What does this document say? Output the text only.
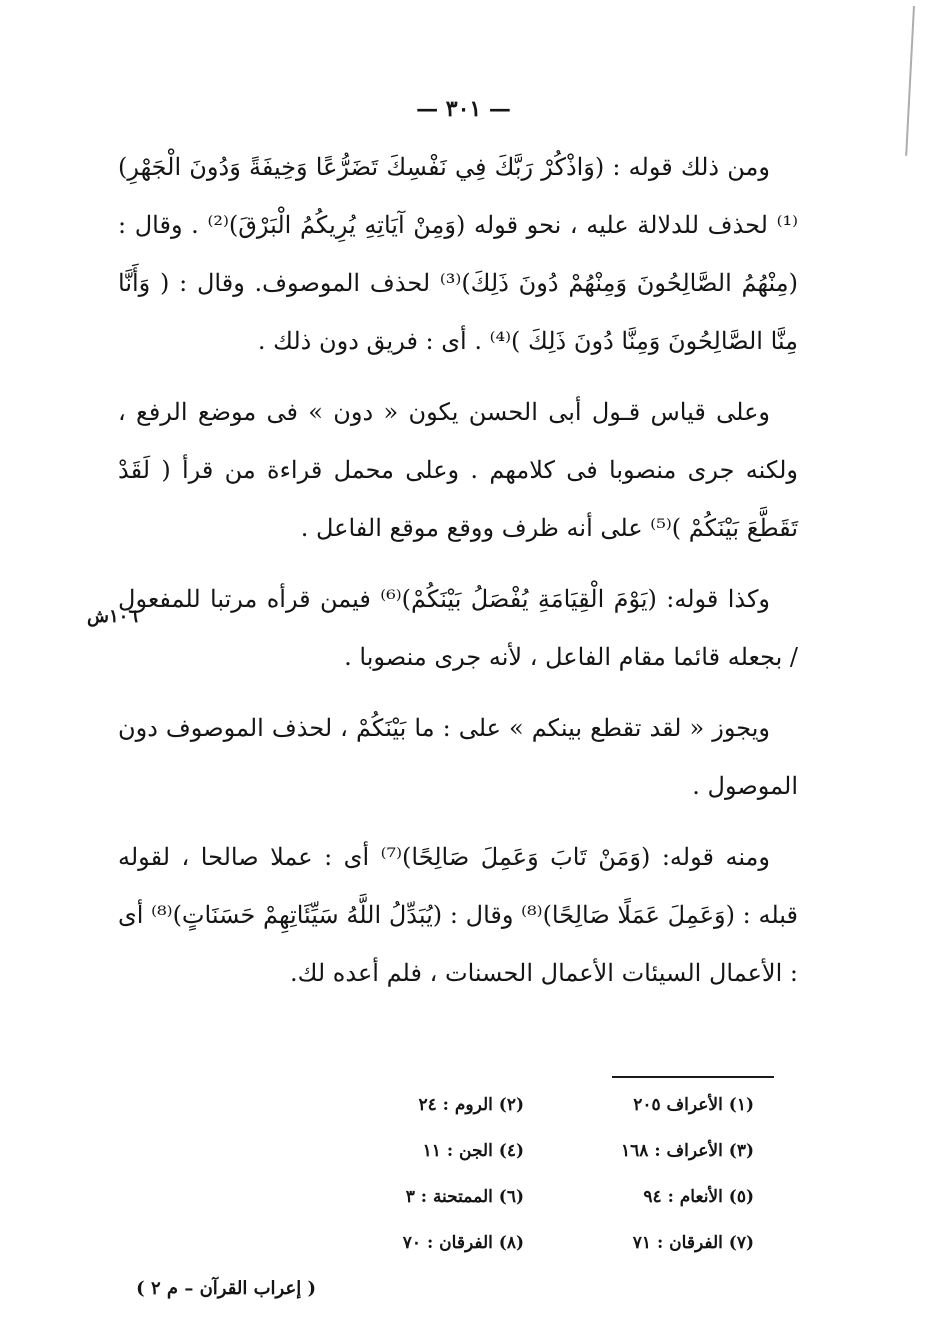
— ٣٠١ —

ومن ذلك قوله : (وَاذْكُرْ رَبَّكَ فِي نَفْسِكَ تَضَرُّعًا وَخِيفَةً وَدُونَ الْجَهْرِ)⁽¹⁾ لحذف للدلالة عليه ، نحو قوله (وَمِنْ آيَاتِهِ يُرِيكُمُ الْبَرْقَ)⁽²⁾ . وقال : (مِنْهُمُ الصَّالِحُونَ وَمِنْهُمْ دُونَ ذَلِكَ)⁽³⁾ لحذف الموصوف. وقال : ( وَأَنَّا مِنَّا الصَّالِحُونَ وَمِنَّا دُونَ ذَلِكَ )⁽⁴⁾ . أى : فريق دون ذلك .

وعلى قياس قـول أبى الحسن يكون « دون » فى موضع الرفع ، ولكنه جرى منصوبا فى كلامهم . وعلى محمل قراءة من قرأ ( لَقَدْ تَقَطَّعَ بَيْنَكُمْ )⁽⁵⁾ على أنه ظرف ووقع موقع الفاعل .

وكذا قوله: (يَوْمَ الْقِيَامَةِ يُفْصَلُ بَيْنَكُمْ)⁽⁶⁾ فيمن قرأه مرتبا للمفعول / بجعله قائما مقام الفاعل ، لأنه جرى منصوبا .

ويجوز « لقد تقطع بينكم » على : ما بَيْنَكُمْ ، لحذف الموصوف دون الموصول .

ومنه قوله: (وَمَنْ تَابَ وَعَمِلَ صَالِحًا)⁽⁷⁾ أى : عملا صالحا ، لقوله قبله : (وَعَمِلَ عَمَلًا صَالِحًا)⁽⁸⁾ وقال : (يُبَدِّلُ اللَّهُ سَيِّئَاتِهِمْ حَسَنَاتٍ)⁽⁸⁾ أى : الأعمال السيئات الأعمال الحسنات ، فلم أعده لك.

١٠٦ش
(١) الأعراف ٢٠٥
(٢) الروم : ٢٤
(٣) الأعراف : ١٦٨
(٤) الجن : ١١
(٥) الأنعام : ٩٤
(٦) الممتحنة : ٣
(٧) الفرقان : ٧١
(٨) الفرقان : ٧٠
( إعراب القرآن – م ٢ )
